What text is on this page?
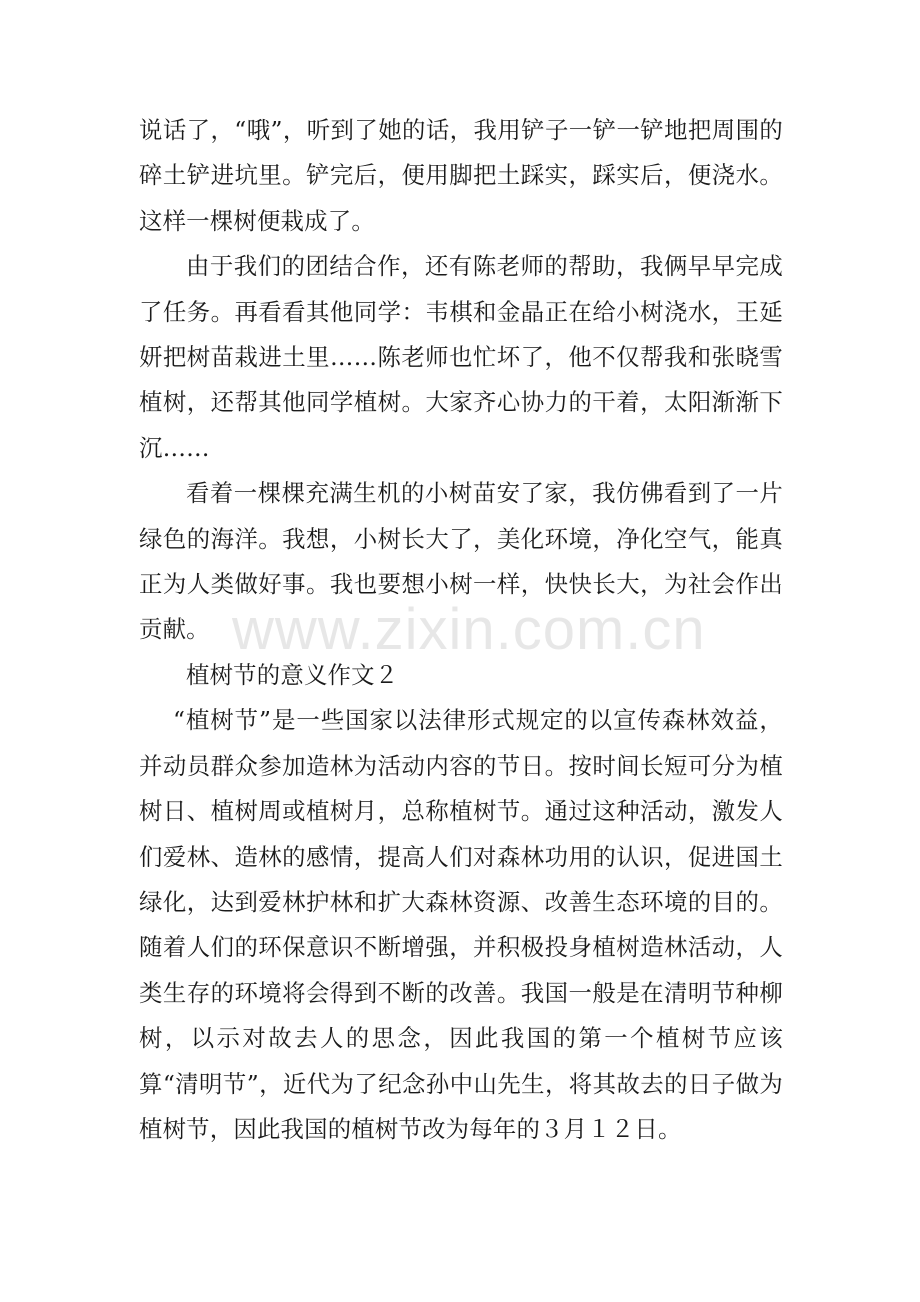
说话了，“哦”，听到了她的话，我用铲子一铲一铲地把周围的碎土铲进坑里。铲完后，便用脚把土踩实，踩实后，便浇水。这样一棵树便栽成了。

由于我们的团结合作，还有陈老师的帮助，我俩早早完成了任务。再看看其他同学：韦棋和金晶正在给小树浇水，王延妍把树苗栽进土里……陈老师也忙坏了，他不仅帮我和张晓雪植树，还帮其他同学植树。大家齐心协力的干着，太阳渐渐下沉……

看着一棵棵充满生机的小树苗安了家，我仿佛看到了一片绿色的海洋。我想，小树长大了，美化环境，净化空气，能真正为人类做好事。我也要想小树一样，快快长大，为社会作出贡献。

植树节的意义作文２

“植树节”是一些国家以法律形式规定的以宣传森林效益，并动员群众参加造林为活动内容的节日。按时间长短可分为植树日、植树周或植树月，总称植树节。通过这种活动，激发人们爱林、造林的感情，提高人们对森林功用的认识，促进国土绿化，达到爱林护林和扩大森林资源、改善生态环境的目的。随着人们的环保意识不断增强，并积极投身植树造林活动，人类生存的环境将会得到不断的改善。我国一般是在清明节种柳树，以示对故去人的思念，因此我国的第一个植树节应该算“清明节”，近代为了纪念孙中山先生，将其故去的日子做为植树节，因此我国的植树节改为每年的３月１２日。

www.zixin.com.cn
